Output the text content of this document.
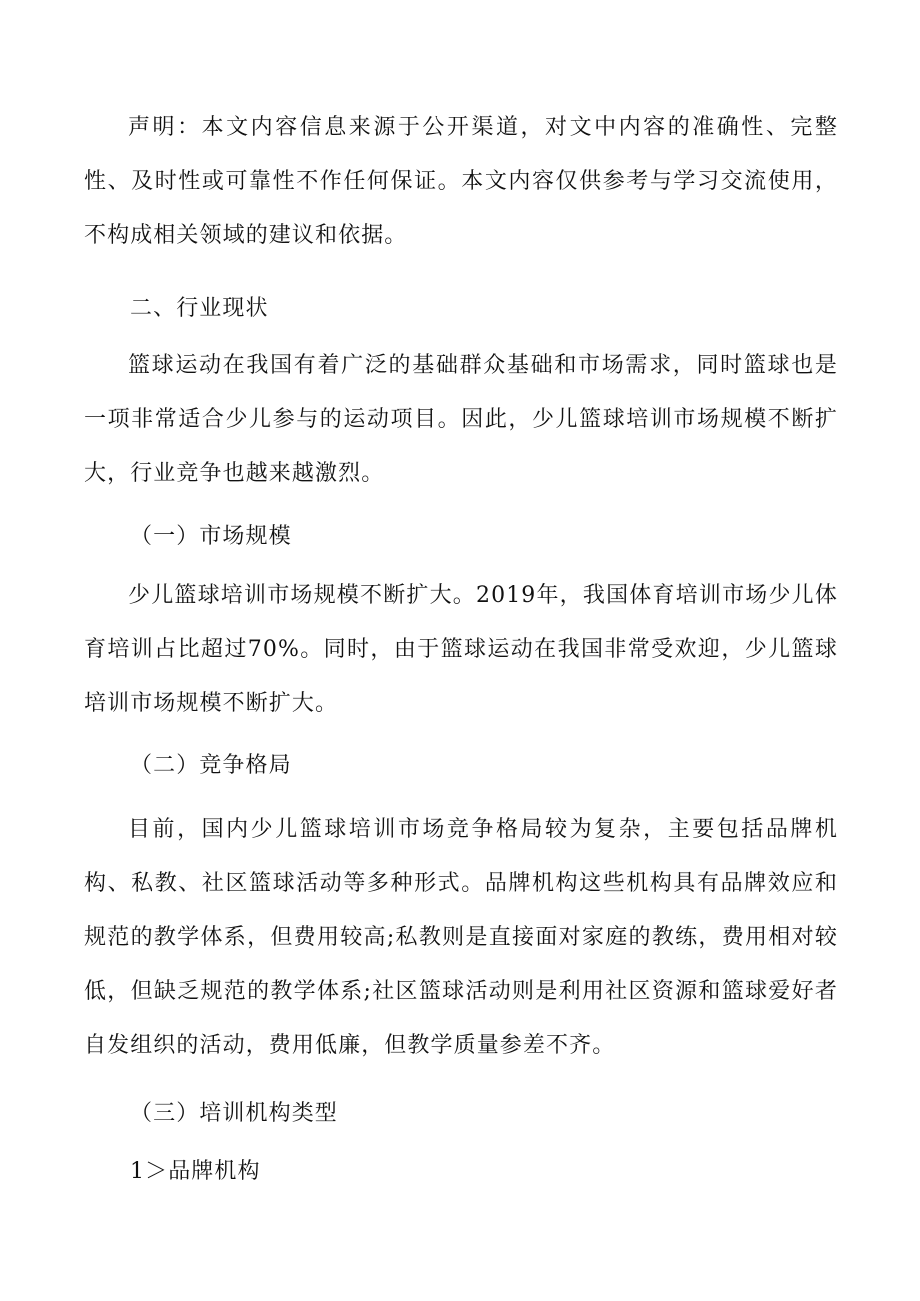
声明：本文内容信息来源于公开渠道，对文中内容的准确性、完整性、及时性或可靠性不作任何保证。本文内容仅供参考与学习交流使用，不构成相关领域的建议和依据。

二、行业现状

篮球运动在我国有着广泛的基础群众基础和市场需求，同时篮球也是一项非常适合少儿参与的运动项目。因此，少儿篮球培训市场规模不断扩大，行业竞争也越来越激烈。

（一）市场规模

少儿篮球培训市场规模不断扩大。2019年，我国体育培训市场少儿体育培训占比超过70%。同时，由于篮球运动在我国非常受欢迎，少儿篮球培训市场规模不断扩大。

（二）竞争格局

目前，国内少儿篮球培训市场竞争格局较为复杂，主要包括品牌机构、私教、社区篮球活动等多种形式。品牌机构这些机构具有品牌效应和规范的教学体系，但费用较高;私教则是直接面对家庭的教练，费用相对较低，但缺乏规范的教学体系;社区篮球活动则是利用社区资源和篮球爱好者自发组织的活动，费用低廉，但教学质量参差不齐。

（三）培训机构类型

1＞品牌机构
